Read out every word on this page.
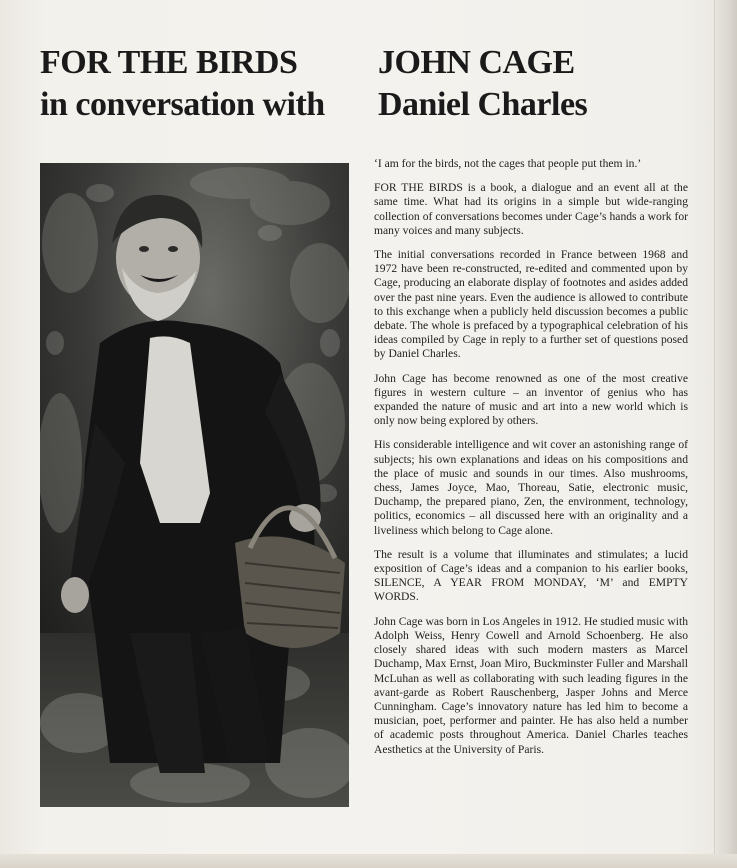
FOR THE BIRDS
in conversation with
JOHN CAGE
Daniel Charles

‘I am for the birds, not the cages that people put them in.’

FOR THE BIRDS is a book, a dialogue and an event all at the same time. What had its origins in a simple but wide-ranging collection of conversations becomes under Cage’s hands a work for many voices and many subjects.

The initial conversations recorded in France between 1968 and 1972 have been re-constructed, re-edited and commented upon by Cage, producing an elaborate display of footnotes and asides added over the past nine years. Even the audience is allowed to contribute to this exchange when a publicly held discussion becomes a public debate. The whole is prefaced by a typographical celebration of his ideas compiled by Cage in reply to a further set of questions posed by Daniel Charles.

John Cage has become renowned as one of the most creative figures in western culture – an inventor of genius who has expanded the nature of music and art into a new world which is only now being explored by others.

His considerable intelligence and wit cover an astonishing range of subjects; his own explanations and ideas on his compositions and the place of music and sounds in our times. Also mushrooms, chess, James Joyce, Mao, Thoreau, Satie, electronic music, Duchamp, the prepared piano, Zen, the environment, technology, politics, economics – all discussed here with an originality and a liveliness which belong to Cage alone.

The result is a volume that illuminates and stimulates; a lucid exposition of Cage’s ideas and a companion to his earlier books, SILENCE, A YEAR FROM MONDAY, ‘M’ and EMPTY WORDS.

John Cage was born in Los Angeles in 1912. He studied music with Adolph Weiss, Henry Cowell and Arnold Schoenberg. He also closely shared ideas with such modern masters as Marcel Duchamp, Max Ernst, Joan Miro, Buckminster Fuller and Marshall McLuhan as well as collaborating with such leading figures in the avant-garde as Robert Rauschenberg, Jasper Johns and Merce Cunningham. Cage’s innovatory nature has led him to become a musician, poet, performer and painter. He has also held a number of academic posts throughout America. Daniel Charles teaches Aesthetics at the University of Paris.
